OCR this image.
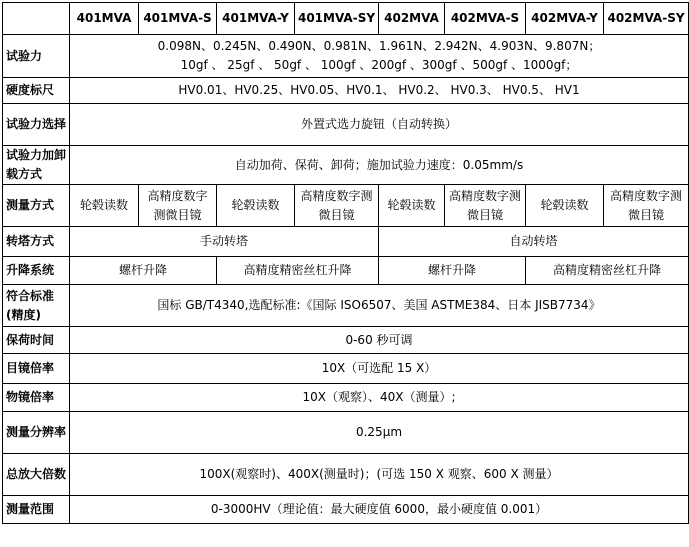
	401MVA	401MVA-S	401MVA-Y	401MVA-SY	402MVA	402MVA-S	402MVA-Y	402MVA-SY
试验力	0.098N、0.245N、0.490N、0.981N、1.961N、2.942N、4.903N、9.807N；
10gf 、 25gf 、 50gf 、 100gf 、200gf 、300gf 、500gf 、1000gf；							

硬度标尺	HV0.01、HV0.25、HV0.05、HV0.1、 HV0.2、 HV0.3、 HV0.5、 HV1							
试验力选择	外置式选力旋钮（自动转换）							
试验力加卸载方式	自动加荷、保荷、卸荷；施加试验力速度：0.05mm/s							
测量方式	轮毂读数	高精度数字测微目镜	轮毂读数	高精度数字测微目镜	轮毂读数	高精度数字测微目镜	轮毂读数	高精度数字测微目镜
转塔方式	手动转塔				自动转塔			
升降系统	螺杆升降		高精度精密丝杠升降		螺杆升降		高精度精密丝杠升降	
符合标准(精度)	国标 GB/T4340,选配标准:《国际 ISO6507、美国 ASTME384、日本 JISB7734》							
保荷时间	0-60 秒可调							
目镜倍率	10X（可选配 15 X）							
物镜倍率	10X（观察）、40X（测量）;							
测量分辨率	0.25μm							
总放大倍数	100X(观察时)、400X(测量时)；(可选 150 X 观察、600 X 测量）							
测量范围	0-3000HV（理论值：最大硬度值 6000，最小硬度值 0.001）							
